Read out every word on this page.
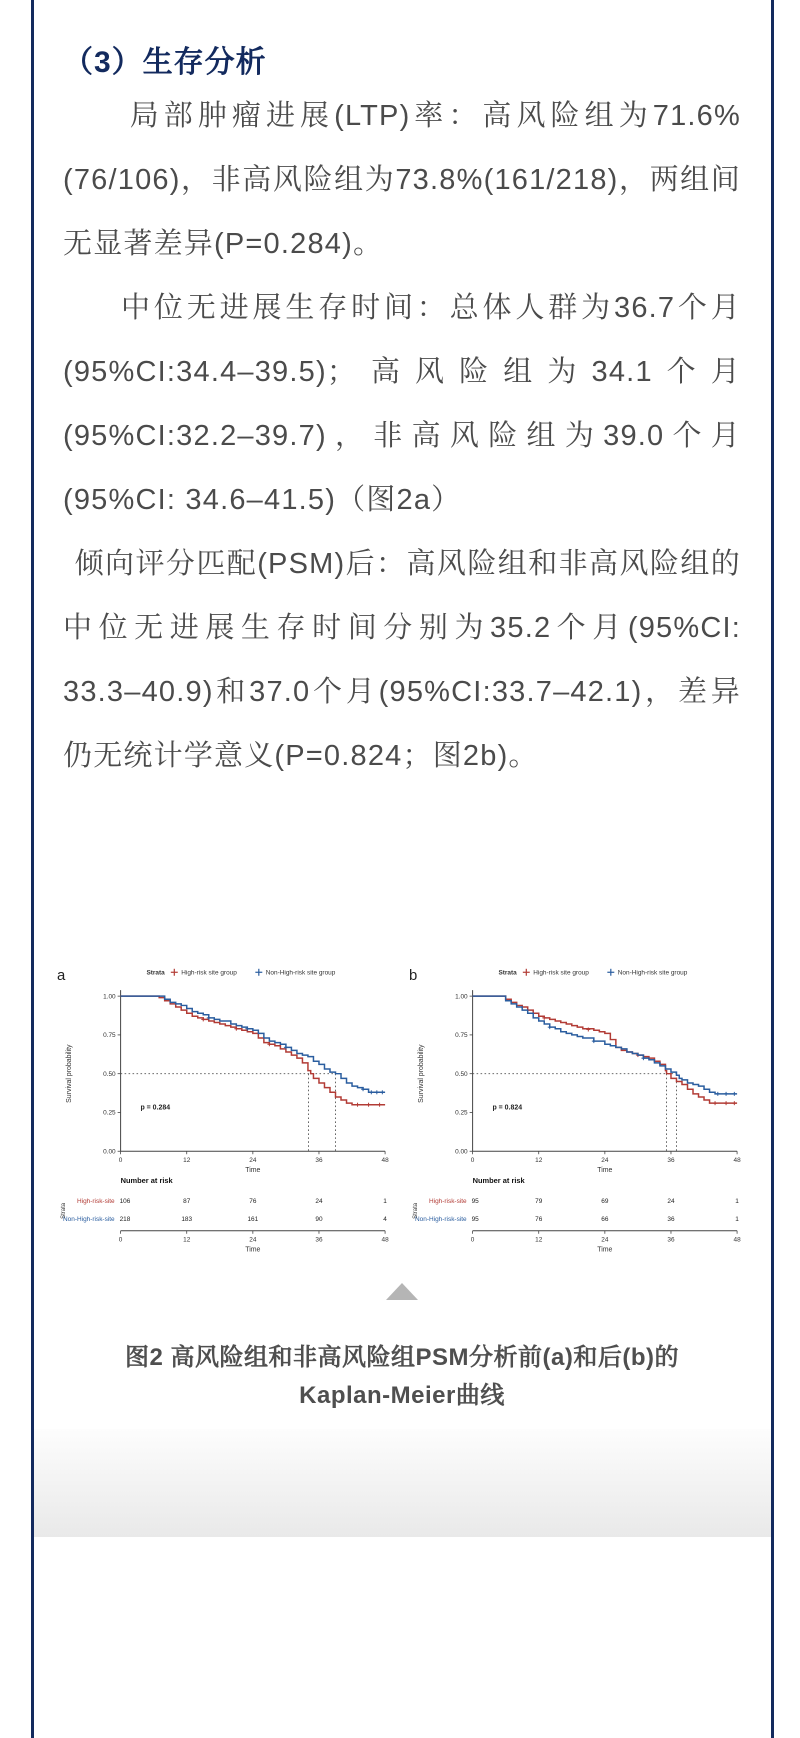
（3）生存分析

局部肿瘤进展(LTP)率：高风险组为71.6%(76/106)，非高风险组为73.8%(161/218)，两组间无显著差异(P=0.284)。

中位无进展生存时间：总体人群为36.7个月(95%CI:34.4–39.5)；高风险组为34.1个月(95%CI:32.2–39.7)，非高风险组为39.0个月(95%CI: 34.6–41.5)（图2a）

倾向评分匹配(PSM)后：高风险组和非高风险组的中位无进展生存时间分别为35.2个月(95%CI: 33.3–40.9)和37.0个月(95%CI:33.7–42.1)，差异仍无统计学意义(P=0.824；图2b)。

a	Strata	High-risk site group	Non-High-risk site group
0.00
0.25
0.50
0.75
1.00
0	12	24	36	48
Time
Survival probability
p = 0.284
Number at risk
High-risk-site 106	87	76	24	1
Non-High-risk-site 218	183	161	90	4
Strata
0	12	24	36	48
Time
b	Strata	High-risk site group	Non-High-risk site group
0.00
0.25
0.50
0.75
1.00
0	12	24	36	48
Time
Survival probability
p = 0.824
Number at risk
High-risk-site 95	79	69	24	1
Non-High-risk-site 95	76	66	36	1
Strata
0	12	24	36	48
Time
图2 高风险组和非高风险组PSM分析前(a)和后(b)的
Kaplan-Meier曲线
